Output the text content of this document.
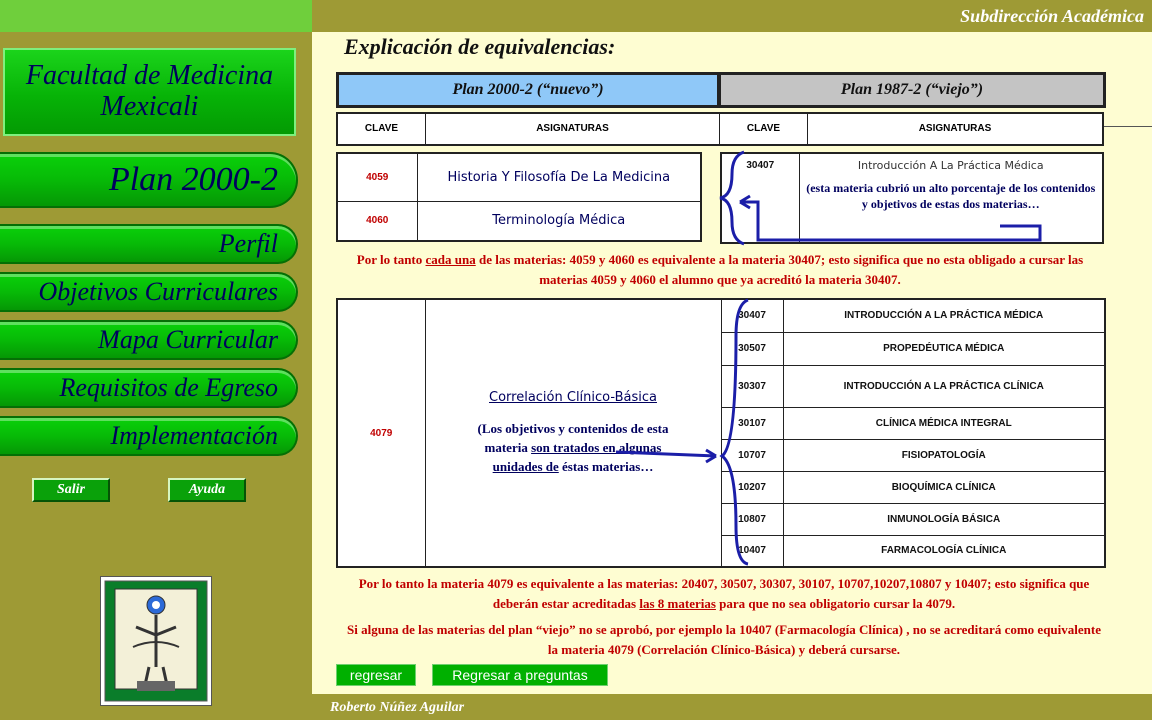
Facultad de Medicina Mexicali
Plan 2000-2
Perfil
Objetivos Curriculares
Mapa Curricular
Requisitos de Egreso
Implementación
Salir	Ayuda
Subdirección Académica
Roberto Núñez Aguilar
Explicación de equivalencias:
Plan 2000-2 (“nuevo”)	Plan 1987-2 (“viejo”)
CLAVE	ASIGNATURAS	CLAVE	ASIGNATURAS
4059	Historia Y Filosofía De La Medicina
4060	Terminología Médica
30407	Introducción A La Práctica Médica
(esta materia cubrió un alto porcentaje de los contenidos y objetivos de estas dos materias…
Por lo tanto cada una de las materias: 4059 y 4060 es equivalente a la materia 30407; esto significa que no esta obligado a cursar las materias 4059 y 4060 el alumno que ya acreditó la materia 30407.
4079	Correlación Clínico-Básica
(Los objetivos y contenidos de esta materia son tratados en algunas unidades de éstas materias…	30407	INTRODUCCIÓN A LA PRÁCTICA MÉDICA
		30507	PROPEDÉUTICA MÉDICA
		30307	INTRODUCCIÓN A LA PRÁCTICA CLÍNICA
		30107	CLÍNICA MÉDICA INTEGRAL
		10707	FISIOPATOLOGÍA
		10207	BIOQUÍMICA CLÍNICA
		10807	INMUNOLOGÍA BÁSICA
		10407	FARMACOLOGÍA CLÍNICA
Por lo tanto la materia 4079 es equivalente a las materias: 20407, 30507, 30307, 30107, 10707,10207,10807 y 10407; esto significa que deberán estar acreditadas las 8 materias para que no sea obligatorio cursar la 4079.
Si alguna de las materias del plan “viejo” no se aprobó, por ejemplo la 10407 (Farmacología Clínica) , no se acreditará como equivalente la materia 4079 (Correlación Clínico-Básica) y deberá cursarse.
regresar	Regresar a preguntas
